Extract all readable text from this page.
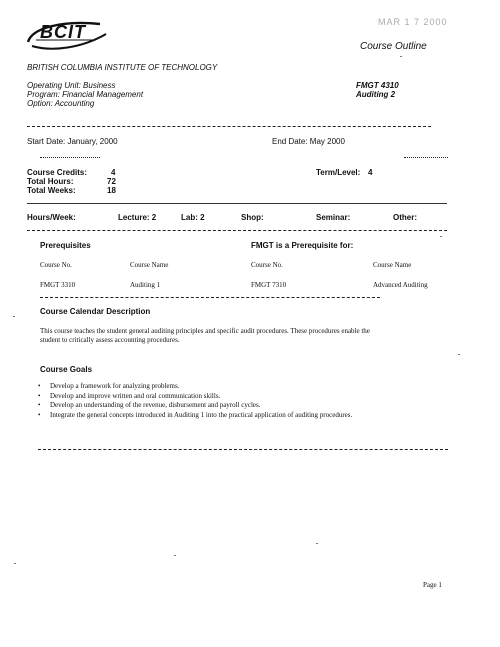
BCIT	MAR 1 7 2000
Course Outline
BRITISH COLUMBIA INSTITUTE OF TECHNOLOGY
Operating Unit: Business
Program: Financial Management
Option: Accounting
FMGT 4310
Auditing 2
Start Date: January, 2000	End Date: May 2000
Course Credits:	4
Total Hours:	72
Total Weeks:	18
Term/Level: 4
Hours/Week:	Lecture: 2	Lab: 2	Shop:	Seminar:	Other:
Prerequisites	FMGT is a Prerequisite for:
Course No.	Course Name	Course No.	Course Name
FMGT 3310	Auditing 1	FMGT 7310	Advanced Auditing
Course Calendar Description
This course teaches the student general auditing principles and specific audit procedures. These procedures enable the
student to critically assess accounting procedures.
Course Goals
• Develop a framework for analyzing problems.
• Develop and improve written and oral communication skills.
• Develop an understanding of the revenue, disbursement and payroll cycles.
• Integrate the general concepts introduced in Auditing 1 into the practical application of auditing procedures.
Page 1
